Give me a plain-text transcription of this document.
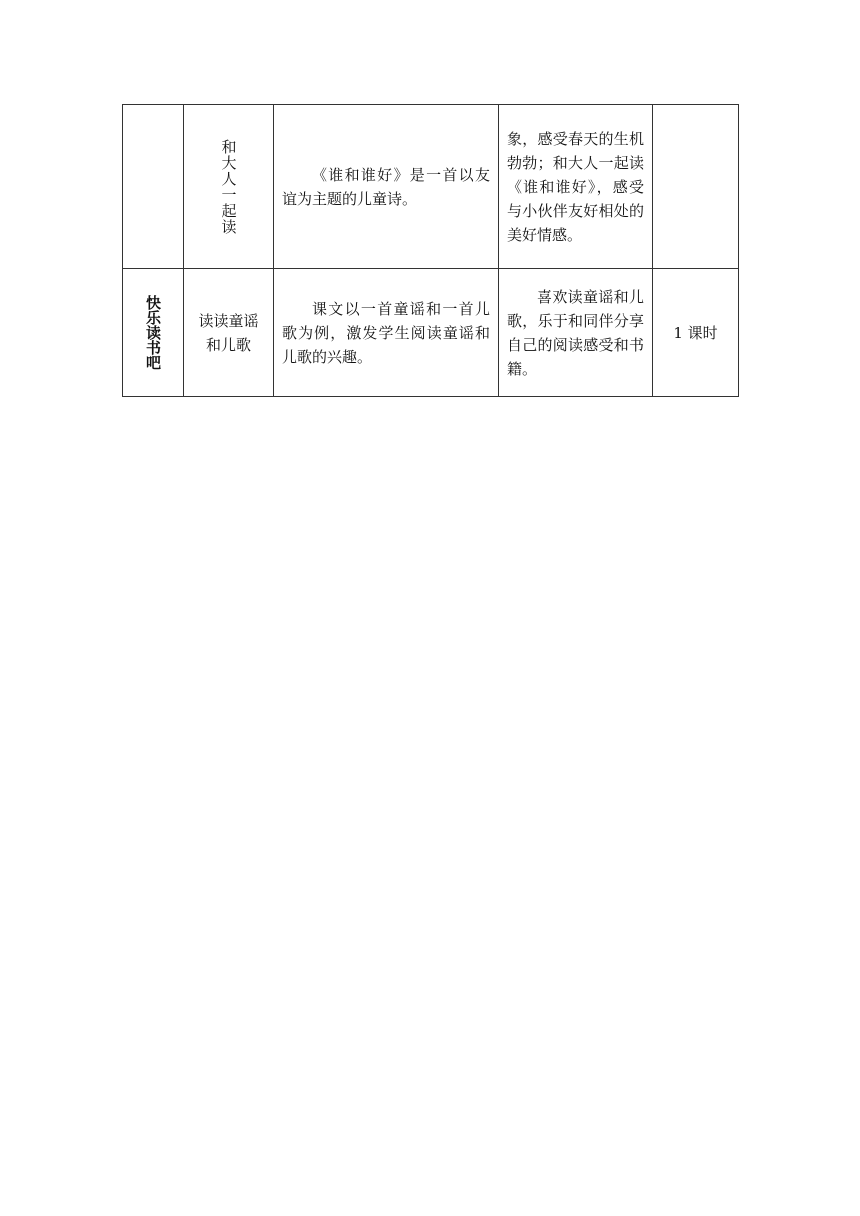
	和大人一起读	《谁和谁好》是一首以友谊为主题的儿童诗。	象，感受春天的生机勃勃；和大人一起读《谁和谁好》，感受与小伙伴友好相处的美好情感。	

快乐读书吧	读读童谣和儿歌	课文以一首童谣和一首儿歌为例，激发学生阅读童谣和儿歌的兴趣。	喜欢读童谣和儿歌，乐于和同伴分享自己的阅读感受和书籍。	1 课时
